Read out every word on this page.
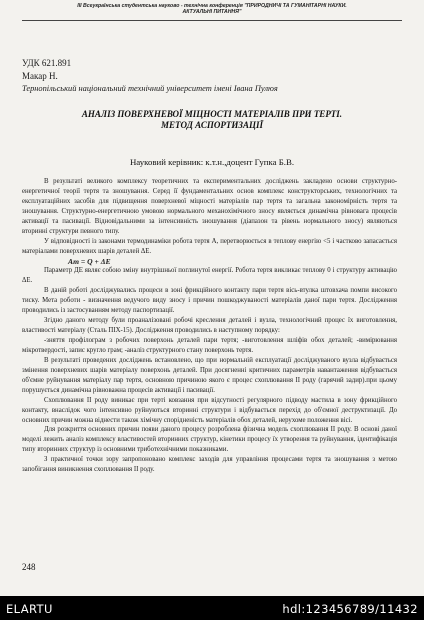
ІІІ Всеукраїнська студентська науково - технічна конференція "ПРИРОДНИЧІ ТА ГУМАНІТАРНІ НАУКИ.
АКТУАЛЬНІ ПИТАННЯ"
УДК 621.891
Макар Н.
Тернопільський національний технічний університет імені Івана Пулюя
АНАЛІЗ ПОВЕРХНЕВОЇ МІЦНОСТІ МАТЕРІАЛІВ ПРИ ТЕРТІ.
МЕТОД АСПОРТИЗАЦІЇ
Науковий керівник: к.т.н.,доцент Гупка Б.В.

В результаті великого комплексу теоретичних та експериментальних досліджень закладено основи структурно-енергетичної теорії тертя та зношування. Серед її фундаментальних основ комплекс конструкторських, технологічних та експлуатаційних засобів для підвищення поверхневої міцності матеріалів пар тертя та загальна закономірність тертя та зношування. Структурно-енергетичною умовою нормального механохімічного зносу являється динамічна рівновага процесів активації та пасивації. Відновідальними за інтенсивність зношування (діапазон та рівень нормального зносу) являються вторинні структури певного типу.

У відповідності із законами термодинаміки робота тертя А, перетворюється в теплову енергію <5 і частково запасається матеріалами поверхневих шарів деталей ΔЕ.

Ат = Q + ΔЕ

Параметр ДЕ являє собою зміну внутрішньої поглинутої енергії. Робота тертя викликає теплову 0 і структуру активацію ΔЕ.

В даній роботі досліджувались процеси в зоні фрикційного контакту пари тертя вісь-втулка штовхача помпи високого тиску. Мета роботи - визначення ведучого виду зносу і причин пошкоджуваності матеріалів даної пари тертя. Дослідження проводились із застосуванням методу паспортизації.

Згідно даного методу були проаналізовані робочі креслення деталей і вузла, технологічний процес їх виготовлення, властивості матеріалу (Сталь ПІХ-15). Дослідження проводились в наступному порядку:

-зняття профілограм з робочих поверхонь деталей пари тертя; -виготовлення шліфів обох деталей; -вимірювання мікротвердості, запис кругло грам; -аналіз структурного стану поверхонь тертя.

В результаті проведених досліджень встановлено, що при нормальній експлуатації досліджуваного вузла відбувається змінення поверхневих шарів матеріалу поверхонь деталей. При досягненні критичних параметрів навантаження відбувається об'ємне руйнування матеріалу пар тертя, основною причиною якого є процес схоплювання II роду (гарячий задир).при цьому порушується динамічна рівноважна процесів активації і пасивації.

Схоплювання II роду виникає при терті ковзання при відсутності регулярного підводу мастила в зону фрикційного контакту, внаслідок чого інтенсивно руйнуються вторинні структури і відбувається перехід до об'ємної деструктизації. До основних причин можна віднести також хімічну спорідненість матеріалів обох деталей, нерухоме положення вісі.

Для розкриття основних причин появи даного процесу розроблена фізична модель схоплювання II роду. В основі даної моделі лежить аналіз комплексу властивостей вторинних структур, кінетики процесу їх утворення та руйнування, ідентифікація типу вторинних структур із основними триботехнічними показниками.

З практичної точки зору запропоновано комплекс заходів для управління процесами тертя та зношування з метою запобігання виникнення схоплювання II роду.

248
ELARTU	hdl:123456789/11432
